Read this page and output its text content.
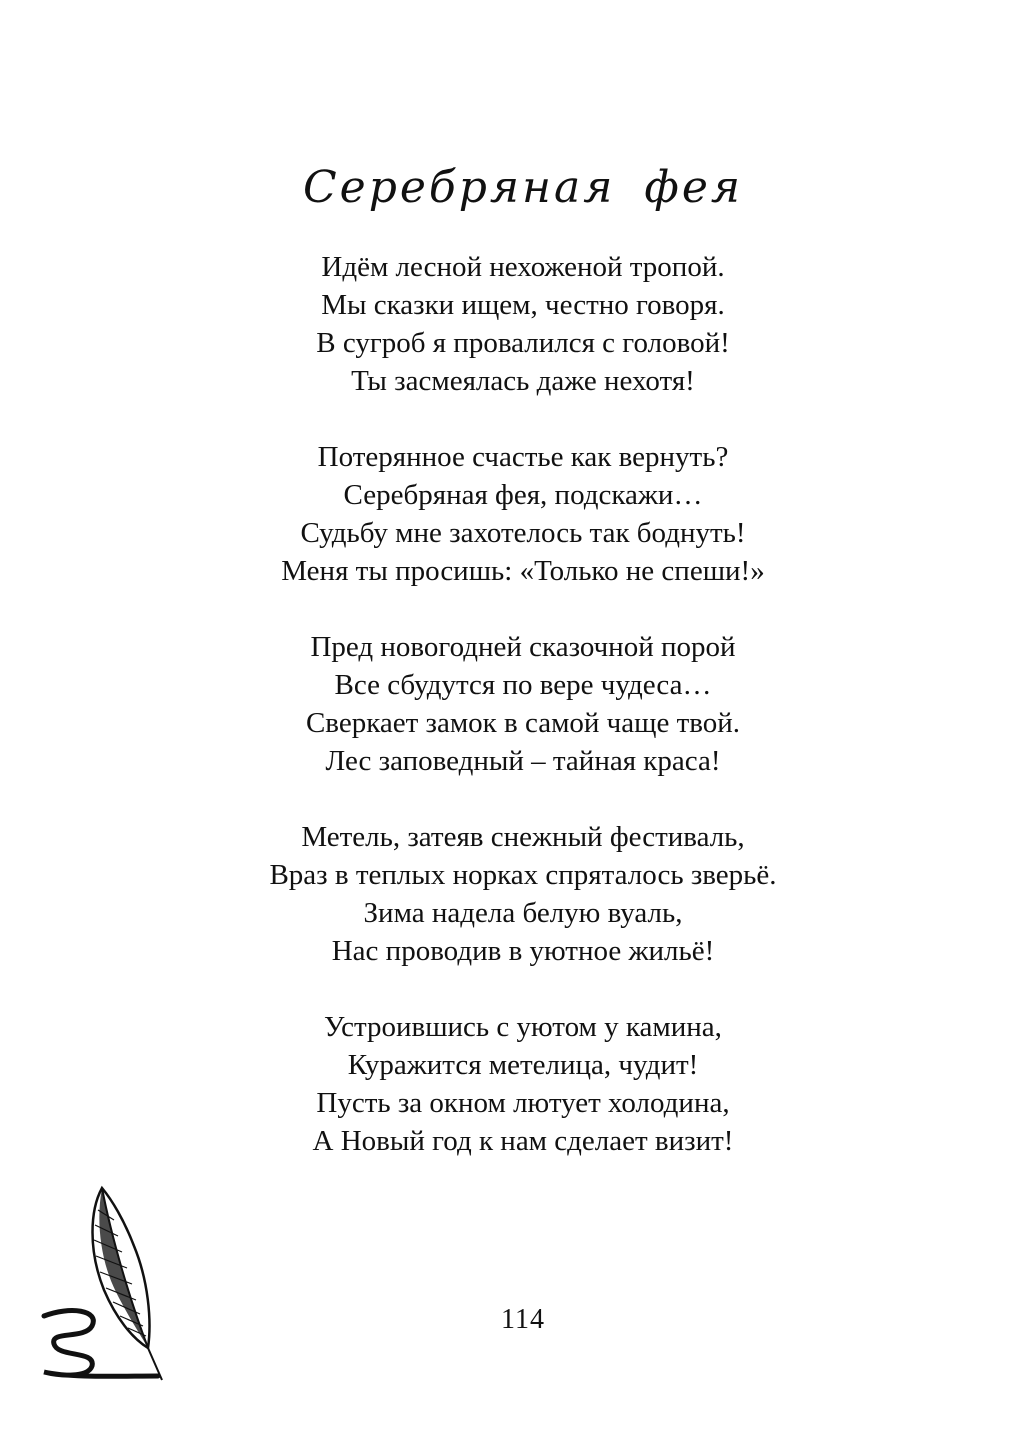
Серебряная фея
Идём лесной нехоженой тропой.
Мы сказки ищем, честно говоря.
В сугроб я провалился с головой!
Ты засмеялась даже нехотя!
Потерянное счастье как вернуть?
Серебряная фея, подскажи…
Судьбу мне захотелось так боднуть!
Меня ты просишь: «Только не спеши!»
Пред новогодней сказочной порой
Все сбудутся по вере чудеса…
Сверкает замок в самой чаще твой.
Лес заповедный – тайная краса!
Метель, затеяв снежный фестиваль,
Враз в теплых норках спряталось зверьё.
Зима надела белую вуаль,
Нас проводив в уютное жильё!
Устроившись с уютом у камина,
Куражится метелица, чудит!
Пусть за окном лютует холодина,
А Новый год к нам сделает визит!
114
